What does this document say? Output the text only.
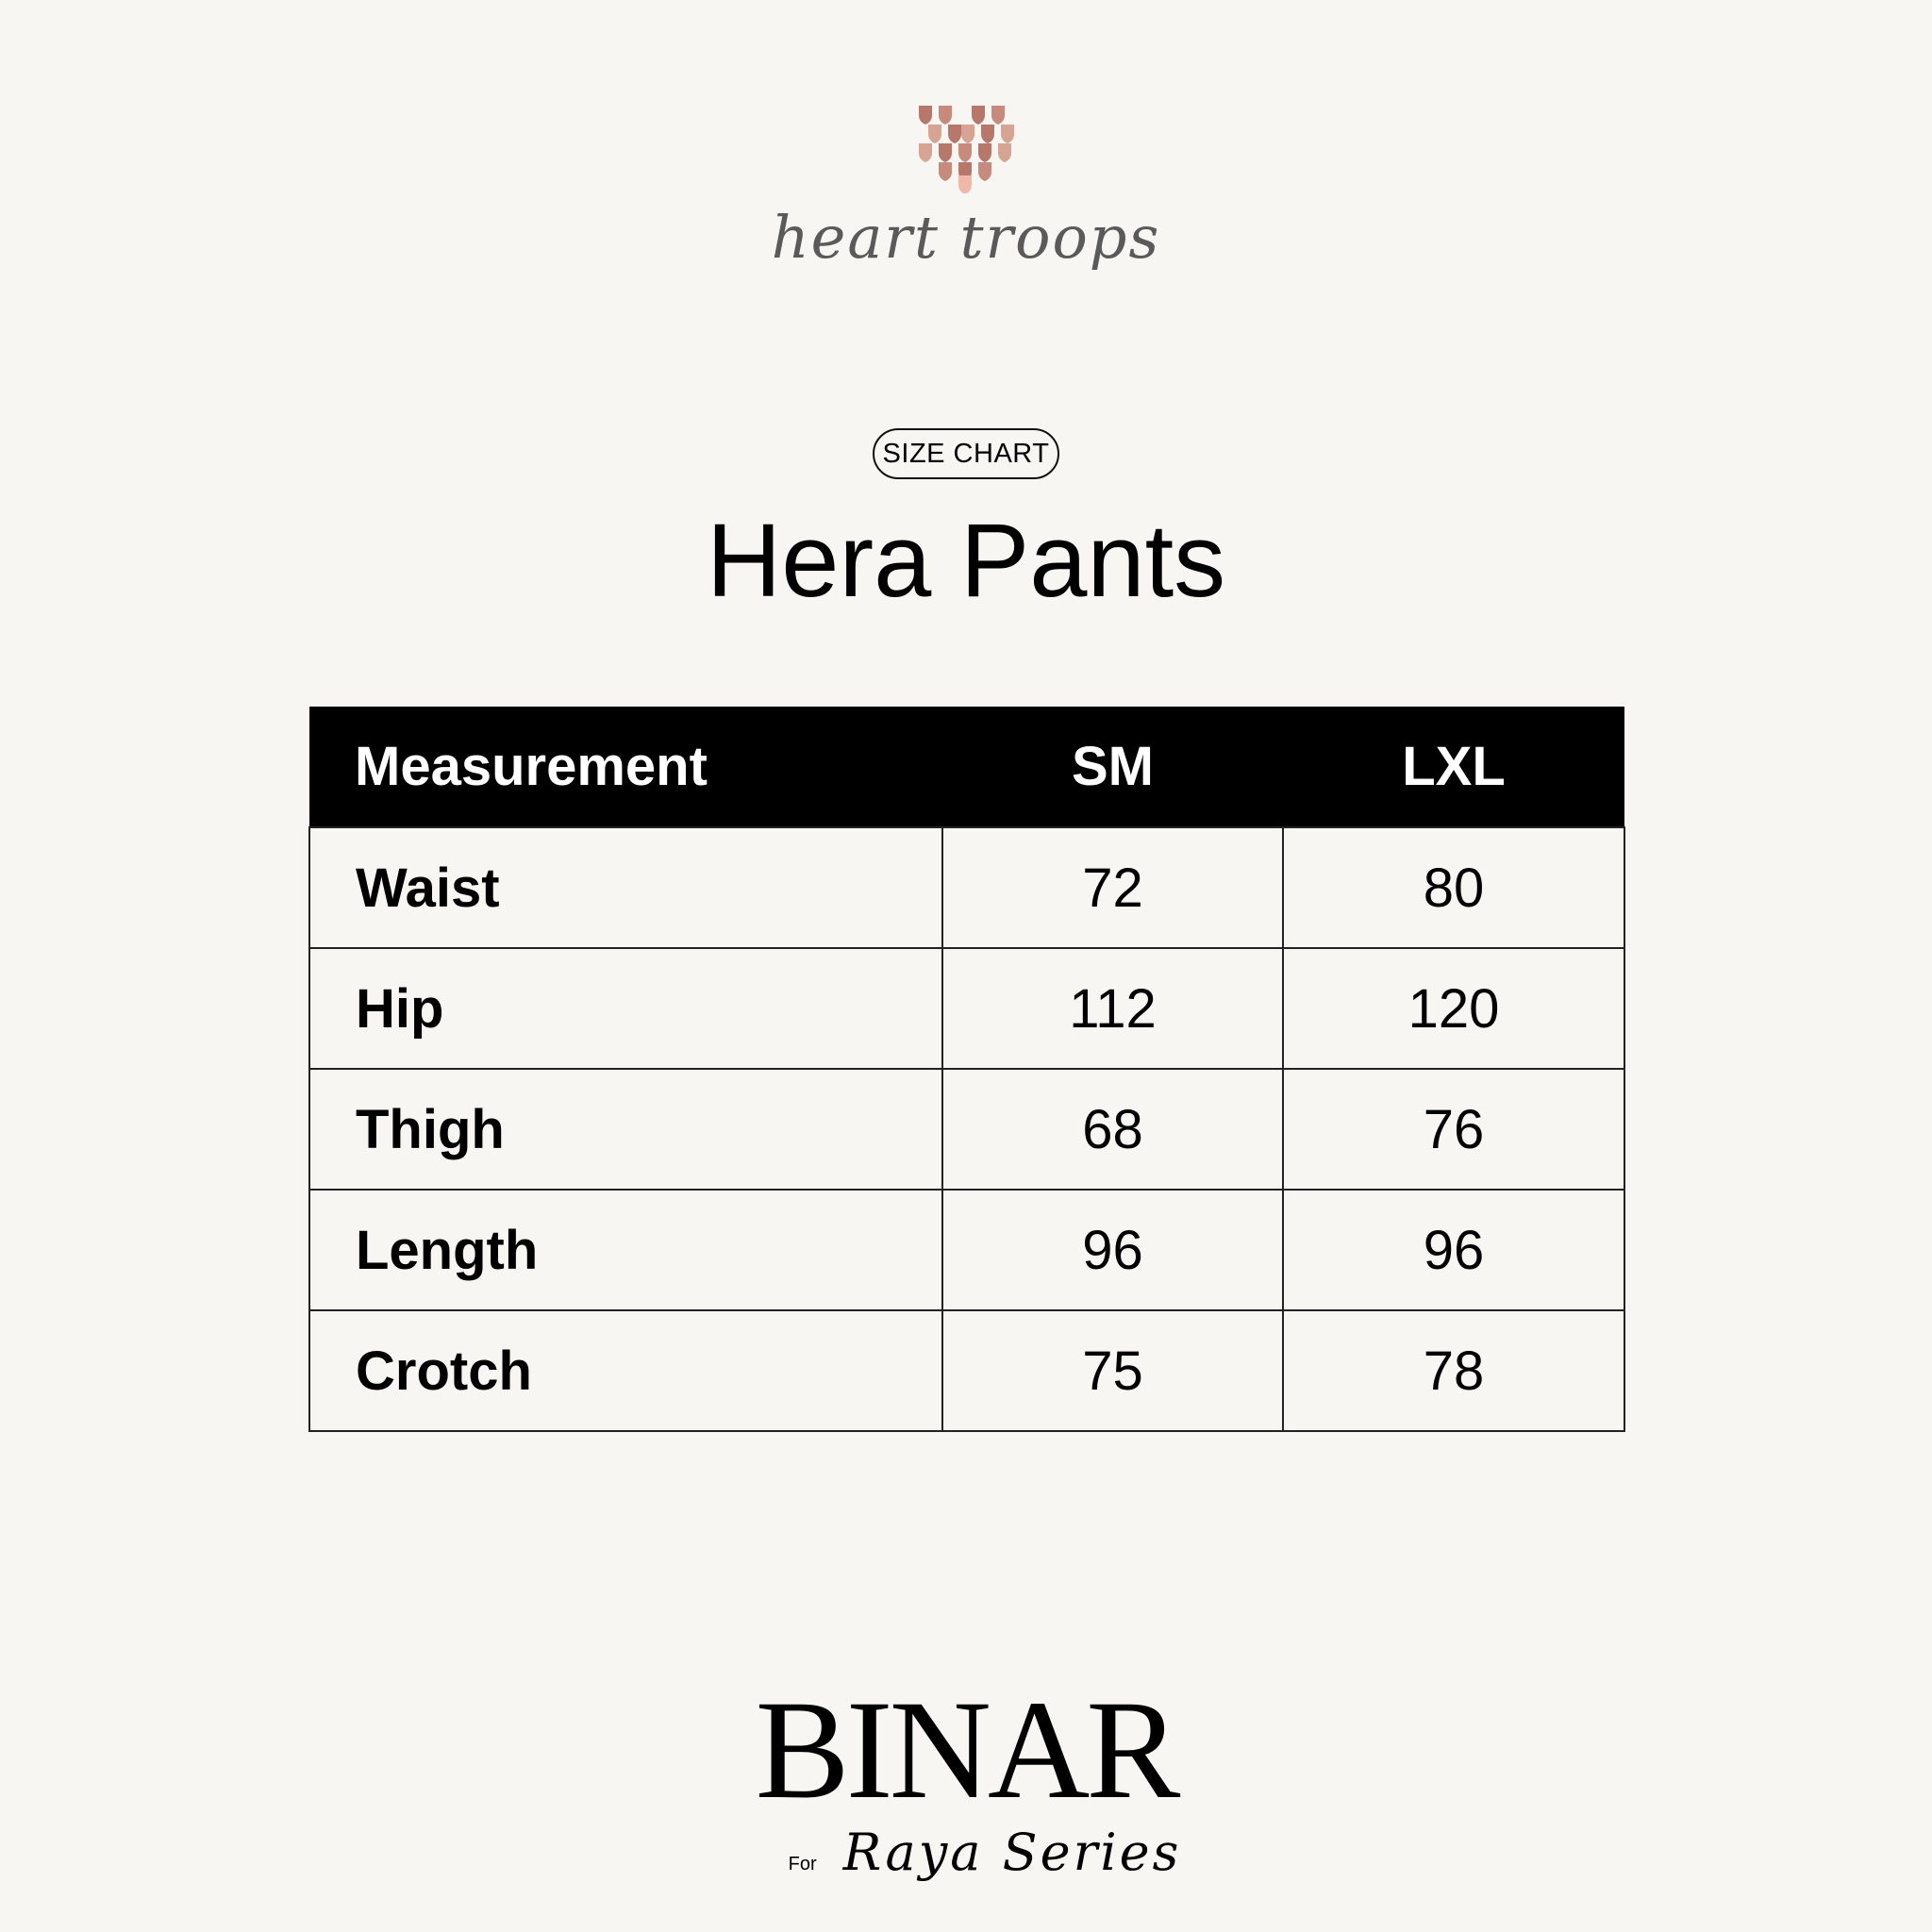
heart troops
SIZE CHART
Hera Pants
Measurement	SM	LXL
Waist	72	80
Hip	112	120
Thigh	68	76
Length	96	96
Crotch	75	78
BINAR
For Raya Series
